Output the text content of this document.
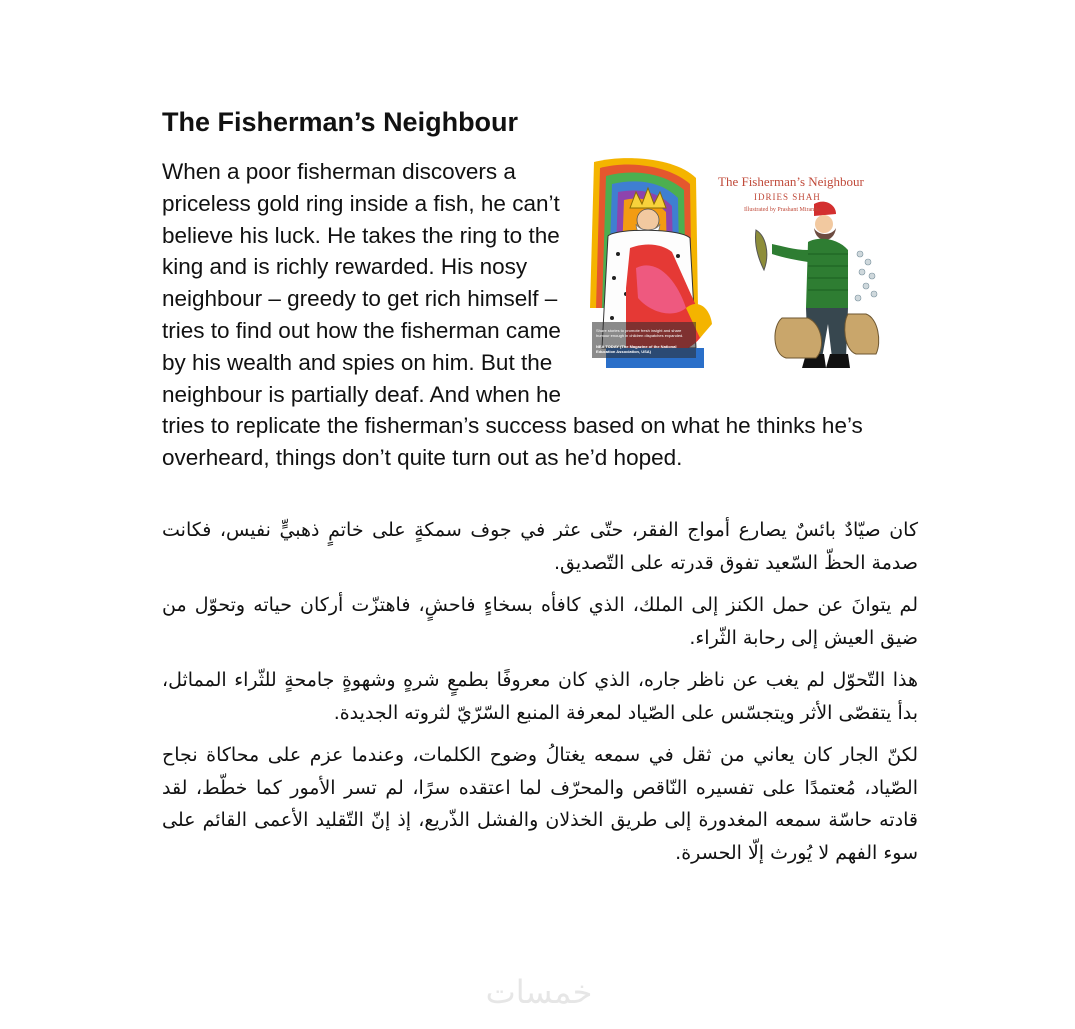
The Fisherman’s Neighbour
The Fisherman’s Neighbour
IDRIES SHAH
Illustrated by Prashant Miranda
Share stories to promote fresh insight and share humour enough in children dispatches expanded.
NEA TODAY (The Magazine of the National Education Association, USA)

When a poor fisherman discovers a priceless gold ring inside a fish, he can’t believe his luck. He takes the ring to the king and is richly rewarded. His nosy neighbour – greedy to get rich himself –tries to find out how the fisherman came by his wealth and spies on him. But the neighbour is partially deaf. And when he tries to replicate the fisherman’s success based on what he thinks he’s overheard, things don’t quite turn out as he’d hoped.

كان صيّادٌ بائسٌ يصارع أمواج الفقر، حتّى عثر في جوف سمكةٍ على خاتمٍ ذهبيٍّ نفيس، فكانت صدمة الحظّ السّعيد تفوق قدرته على التّصديق.

لم يتوانَ عن حمل الكنز إلى الملك، الذي كافأه بسخاءٍ فاحشٍ، فاهتزّت أركان حياته وتحوّل من ضيق العيش إلى رحابة الثّراء.

هذا التّحوّل لم يغب عن ناظر جاره، الذي كان معروفًا بطمعٍ شرهٍ وشهوةٍ جامحةٍ للثّراء المماثل، بدأ يتقصّى الأثر ويتجسّس على الصّياد لمعرفة المنبع السّرّيّ لثروته الجديدة.

لكنّ الجار كان يعاني من ثقل في سمعه يغتالُ وضوح الكلمات، وعندما عزم على محاكاة نجاح الصّياد، مُعتمدًا على تفسيره النّاقص والمحرّف لما اعتقده سرًا، لم تسر الأمور كما خطّط، لقد قادته حاسّة سمعه المغدورة إلى طريق الخذلان والفشل الذّريع، إذ إنّ التّقليد الأعمى القائم على سوء الفهم لا يُورث إلّا الحسرة.

خمسات
